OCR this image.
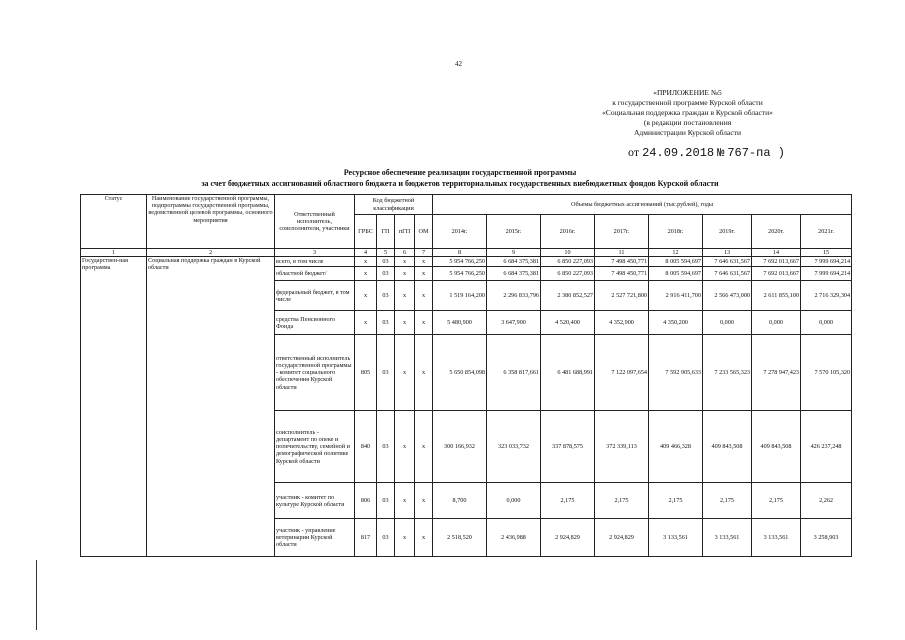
42
«ПРИЛОЖЕНИЕ №5
к государственной программе Курской области
«Социальная поддержка граждан в Курской области»
(в редакции постановления
Администрации Курской области
от 24.09.2018 № 767-па )
Ресурсное обеспечение реализации государственной программы
за счет бюджетных ассигнований областного бюджета и бюджетов территориальных государственных внебюджетных фондов Курской области
Статус	Наименование государственной программы, подпрограммы государственной программы, ведомственной целевой программы, основного мероприятия	Ответственный исполнитель, соисполнители, участники	Код бюджетной классификации				Объемы бюджетных ассигнований (тыс.рублей), годы							
			ГРБС	ГП	пГП	ОМ	2014г.	2015г.	2016г.	2017г.	2018г.	2019г.	2020г.	2021г.
1	2	3	4	5	6	7	8	9	10	11	12	13	14	15
Государствен-ная программа	Социальная поддержка граждан в Курской области	всего, в том числе	x	03	x	x	5 954 766,250	6 684 375,381	6 850 227,093	7 498 450,771	8 005 594,697	7 646 631,567	7 692 013,667	7 999 694,214
		областной бюджет/	x	03	x	x	5 954 766,250	6 684 375,381	6 850 227,093	7 498 450,771	8 005 594,697	7 646 631,567	7 692 013,667	7 999 694,214
		федеральный бюджет, в том числе	x	03	x	x	1 519 164,200	2 296 833,796	2 380 852,527	2 527 721,800	2 916 411,700	2 566 473,000	2 611 855,100	2 716 329,304
		средства Пенсионного Фонда	x	03	x	x	5 480,900	3 647,900	4 520,400	4 352,900	4 350,200	0,000	0,000	0,000
		ответственный исполнитель государственной программы - комитет социального обеспечения Курской области	805	03	x	x	5 650 854,098	6 358 817,661	6 481 688,991	7 122 097,654	7 592 905,633	7 233 565,323	7 278 947,423	7 570 105,320
		соисполнитель - департамент по опеке и попечительству, семейной и демографической политике Курской области	840	03	x	x	300 166,932	323 033,732	337 878,575	372 339,113	409 466,328	409 843,508	409 843,508	426 237,248
		участник - комитет по культуре Курской области	806	03	x	x	8,700	0,000	2,175	2,175	2,175	2,175	2,175	2,262
		участник - управление ветеринарии Курской области	817	03	x	x	2 518,520	2 436,988	2 924,829	2 924,829	3 133,561	3 133,561	3 133,561	3 258,903
